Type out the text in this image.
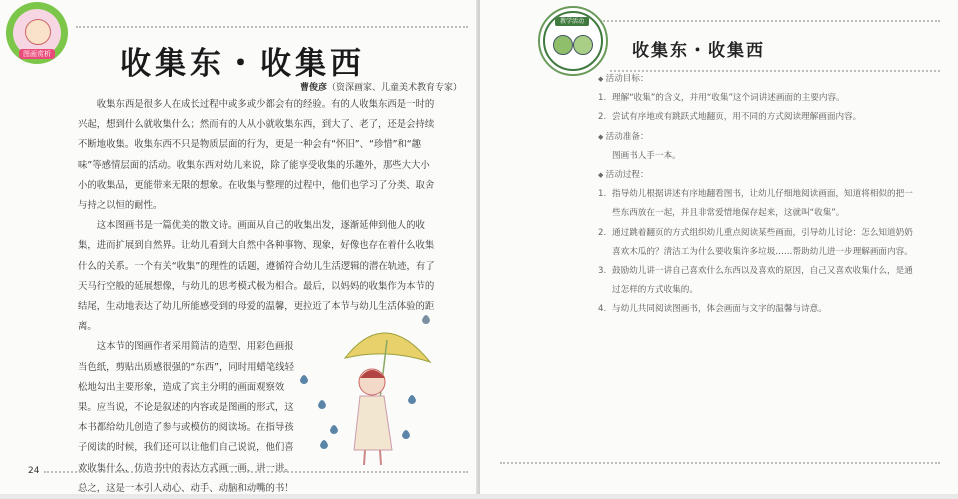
图画赏析 收集东・收集西
曹俊彦（资深画家、儿童美术教育专家）

收集东西是很多人在成长过程中或多或少都会有的经验。有的人收集东西是一时的兴起，想到什么就收集什么；然而有的人从小就收集东西，到大了、老了，还是会持续不断地收集。收集东西不只是物质层面的行为，更是一种会有“怀旧”、“珍惜”和“趣味”等感情层面的活动。收集东西对幼儿来说，除了能享受收集的乐趣外，那些大大小小的收集品，更能带来无限的想象。在收集与整理的过程中，他们也学习了分类、取舍与持之以恒的耐性。

这本图画书是一篇优美的散文诗。画面从自己的收集出发，逐渐延伸到他人的收集，进而扩展到自然界。让幼儿看到大自然中各种事物、现象，好像也存在着什么收集什么的关系。一个有关“收集”的理性的话题，遵循符合幼儿生活逻辑的潜在轨迹，有了天马行空般的延展想像，与幼儿的思考模式极为相合。最后，以妈妈的收集作为本节的结尾，生动地表达了幼儿所能感受到的母爱的温馨，更拉近了本节与幼儿生活体验的距离。

这本节的图画作者采用简洁的造型、用彩色画报当色纸，剪贴出质感很强的“东西”，同时用蜡笔线轻松地勾出主要形象，造成了宾主分明的画面观察效果。应当说，不论是叙述的内容或是图画的形式，这本书都给幼儿创造了参与或模仿的阅读场。在指导孩子阅读的时候，我们还可以让他们自己说说，他们喜欢收集什么，仿造书中的表达方式画一画、讲一讲。总之，这是一本引人动心、动手、动脑和动嘴的书！

24
教学活动
收集东・收集西

◆ 活动目标：

1. 理解“收集”的含义，并用“收集”这个词讲述画面的主要内容。

2. 尝试有序地或有跳跃式地翻页，用不同的方式阅读理解画面内容。

◆ 活动准备：

图画书人手一本。

◆ 活动过程：

1. 指导幼儿根据讲述有序地翻看图书，让幼儿仔细地阅读画面，知道将相似的把一些东西放在一起，并且非常爱惜地保存起来，这就叫“收集”。

2. 通过跳着翻页的方式组织幼儿重点阅读某些画面，引导幼儿讨论：怎么知道奶奶喜欢木瓜的？清洁工为什么要收集许多垃圾……帮助幼儿进一步理解画面内容。

3. 鼓励幼儿讲一讲自己喜欢什么东西以及喜欢的原因，自己又喜欢收集什么，是通过怎样的方式收集的。

4. 与幼儿共同阅读图画书，体会画面与文字的温馨与诗意。
